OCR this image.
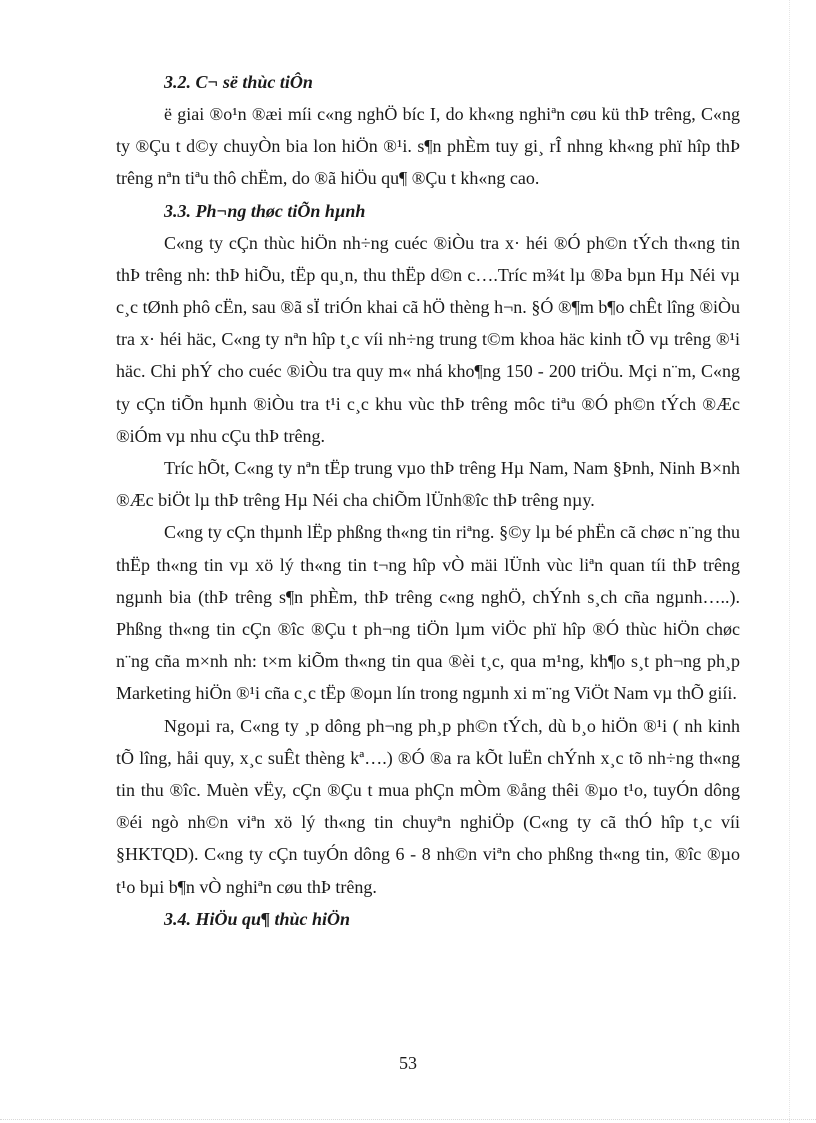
3.2. C¬ së thùc tiÔn

ë giai ®o¹n ®æi míi c«ng nghÖ bíc I, do kh«ng nghiªn cøu kü thÞ trêng, C«ng ty ®Çu t d©y chuyÒn bia lon hiÖn ®¹i. s¶n phÈm tuy gi¸ rÎ nhng kh«ng phï hîp thÞ trêng nªn tiªu thô chËm, do ®ã hiÖu qu¶ ®Çu t kh«ng cao.

3.3. Ph¬ng thøc tiÕn hµnh

C«ng ty cÇn thùc hiÖn nh÷ng cuéc ®iÒu tra x· héi ®Ó ph©n tÝch th«ng tin thÞ trêng nh: thÞ hiÕu, tËp qu¸n, thu thËp d©n c….Tríc m¾t lµ ®Þa bµn Hµ Néi vµ c¸c tØnh phô cËn, sau ®ã sÏ triÓn khai cã hÖ thèng h¬n. §Ó ®¶m b¶o chÊt lîng ®iÒu tra x· héi häc, C«ng ty nªn hîp t¸c víi nh÷ng trung t©m khoa häc kinh tÕ vµ trêng ®¹i häc. Chi phÝ cho cuéc ®iÒu tra quy m« nhá kho¶ng 150 - 200 triÖu. Mçi n¨m, C«ng ty cÇn tiÕn hµnh ®iÒu tra t¹i c¸c khu vùc thÞ trêng môc tiªu ®Ó ph©n tÝch ®Æc ®iÓm vµ nhu cÇu thÞ trêng.

Tríc hÕt, C«ng ty nªn tËp trung vµo thÞ trêng Hµ Nam, Nam §Þnh, Ninh B×nh ®Æc biÖt lµ thÞ trêng Hµ Néi cha chiÕm lÜnh®îc thÞ trêng nµy.

C«ng ty cÇn thµnh lËp phßng th«ng tin riªng. §©y lµ bé phËn cã chøc n¨ng thu thËp th«ng tin vµ xö lý th«ng tin t¬ng hîp vÒ mäi lÜnh vùc liªn quan tíi thÞ trêng ngµnh bia (thÞ trêng s¶n phÈm, thÞ trêng c«ng nghÖ, chÝnh s¸ch cña ngµnh…..). Phßng th«ng tin cÇn ®îc ®Çu t ph¬ng tiÖn lµm viÖc phï hîp ®Ó thùc hiÖn chøc n¨ng cña m×nh nh: t×m kiÕm th«ng tin qua ®èi t¸c, qua m¹ng, kh¶o s¸t ph¬ng ph¸p Marketing hiÖn ®¹i cña c¸c tËp ®oµn lín trong ngµnh xi m¨ng ViÖt Nam vµ thÕ giíi.

Ngoµi ra, C«ng ty ¸p dông ph¬ng ph¸p ph©n tÝch, dù b¸o hiÖn ®¹i ( nh kinh tÕ lîng, håi quy, x¸c suÊt thèng kª….) ®Ó ®a ra kÕt luËn chÝnh x¸c tõ nh÷ng th«ng tin thu ®îc. Muèn vËy, cÇn ®Çu t mua phÇn mÒm ®ång thêi ®µo t¹o, tuyÓn dông ®éi ngò nh©n viªn xö lý th«ng tin chuyªn nghiÖp (C«ng ty cã thÓ hîp t¸c víi §HKTQD). C«ng ty cÇn tuyÓn dông 6 - 8 nh©n viªn cho phßng th«ng tin, ®îc ®µo t¹o bµi b¶n vÒ nghiªn cøu thÞ trêng.

3.4. HiÖu qu¶ thùc hiÖn

53
